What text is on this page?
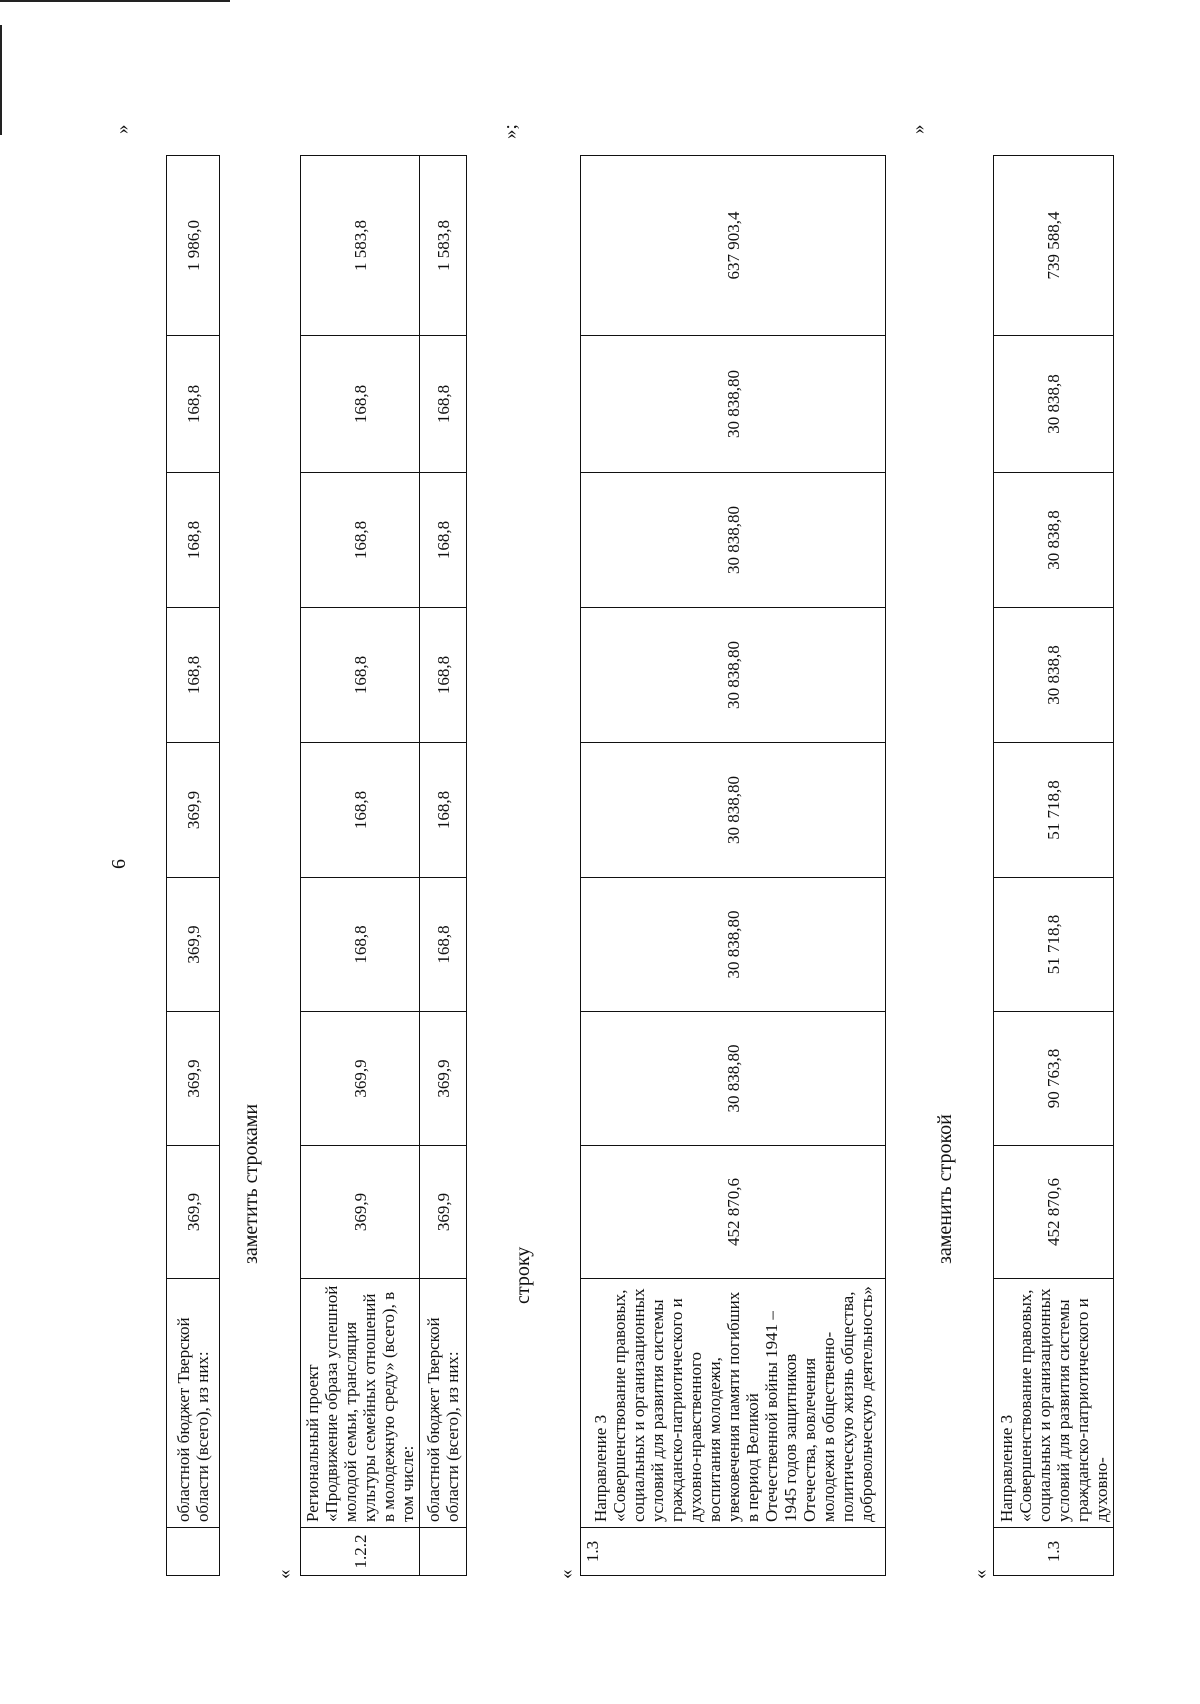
6
	областной бюджет Тверской области (всего), из них:	369,9	369,9	369,9	369,9	168,8	168,8	168,8	1 986,0
»
заметить строками
«
1.2.2	Региональный проект «Продвижение образа успешной молодой семьи, трансляция культуры семейных отношений в молодежную среду» (всего), в том числе:	369,9	369,9	168,8	168,8	168,8	168,8	168,8	1 583,8
	областной бюджет Тверской области (всего), из них:	369,9	369,9	168,8	168,8	168,8	168,8	168,8	1 583,8
»;
строку
«
1.3	Направление 3 «Совершенствование правовых, социальных и организационных условий для развития системы гражданско-патриотического и духовно-нравственного воспитания молодежи, увековечения памяти погибших в период Великой Отечественной войны 1941 – 1945 годов защитников Отечества, вовлечения молодежи в общественно-политическую жизнь общества, добровольческую деятельность»	452 870,6	30 838,80	30 838,80	30 838,80	30 838,80	30 838,80	30 838,80	637 903,4
»
заменить строкой
«
1.3	Направление 3 «Совершенствование правовых, социальных и организационных условий для развития системы гражданско-патриотического и духовно-	452 870,6	90 763,8	51 718,8	51 718,8	30 838,8	30 838,8	30 838,8	739 588,4
